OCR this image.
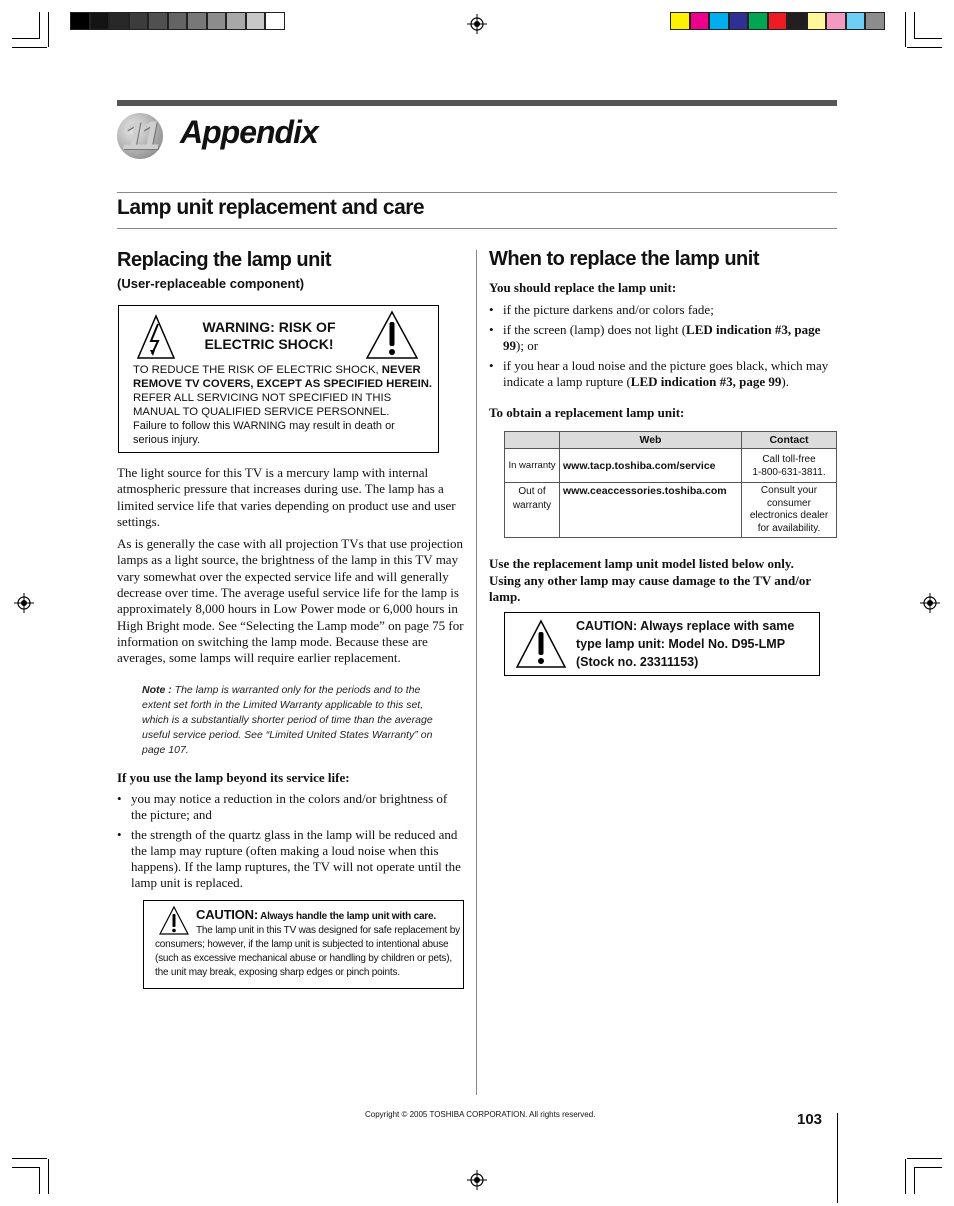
11 Appendix
Lamp unit replacement and care
Replacing the lamp unit
(User-replaceable component)
WARNING: RISK OF
ELECTRIC SHOCK!
TO REDUCE THE RISK OF ELECTRIC SHOCK, NEVER REMOVE TV COVERS, EXCEPT AS SPECIFIED HEREIN. REFER ALL SERVICING NOT SPECIFIED IN THIS MANUAL TO QUALIFIED SERVICE PERSONNEL.
Failure to follow this WARNING may result in death or serious injury.

The light source for this TV is a mercury lamp with internal atmospheric pressure that increases during use. The lamp has a limited service life that varies depending on product use and user settings.

As is generally the case with all projection TVs that use projection lamps as a light source, the brightness of the lamp in this TV may vary somewhat over the expected service life and will generally decrease over time. The average useful service life for the lamp is approximately 8,000 hours in Low Power mode or 6,000 hours in High Bright mode. See “Selecting the Lamp mode” on page 75 for information on switching the lamp mode. Because these are averages, some lamps will require earlier replacement.

Note : The lamp is warranted only for the periods and to the extent set forth in the Limited Warranty applicable to this set, which is a substantially shorter period of time than the average useful service period. See “Limited United States Warranty” on page 107.
If you use the lamp beyond its service life:
• you may notice a reduction in the colors and/or brightness of the picture; and
• the strength of the quartz glass in the lamp will be reduced and the lamp may rupture (often making a loud noise when this happens). If the lamp ruptures, the TV will not operate until the lamp unit is replaced.
CAUTION: Always handle the lamp unit with care.
The lamp unit in this TV was designed for safe replacement by consumers; however, if the lamp unit is subjected to intentional abuse (such as excessive mechanical abuse or handling by children or pets), the unit may break, exposing sharp edges or pinch points.
When to replace the lamp unit
You should replace the lamp unit:
• if the picture darkens and/or colors fade;
• if the screen (lamp) does not light (LED indication #3, page 99); or
• if you hear a loud noise and the picture goes black, which may indicate a lamp rupture (LED indication #3, page 99).
To obtain a replacement lamp unit:
	Web	Contact
In warranty	www.tacp.toshiba.com/service	Call toll-free
1-800-631-3811.

Out of
warranty	www.ceaccessories.toshiba.com	Consult your consumer electronics dealer for availability.
Use the replacement lamp unit model listed below only. Using any other lamp may cause damage to the TV and/or lamp.
CAUTION: Always replace with same type lamp unit: Model No. D95-LMP (Stock no. 23311153)
Copyright © 2005 TOSHIBA CORPORATION. All rights reserved.	103
